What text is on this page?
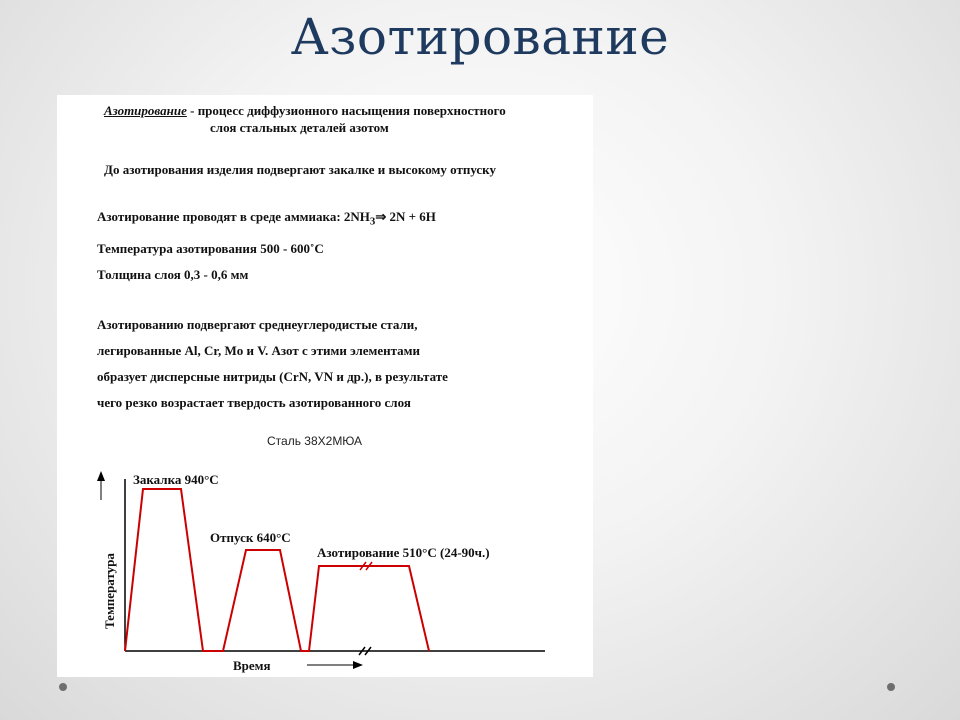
Азотирование
Азотирование - процесс диффузионного насыщения поверхностного
слоя стальных деталей азотом
До азотирования изделия подвергают закалке и высокому отпуску
Азотирование проводят в среде аммиака: $2NH_3\Rightarrow$ 2N + 6H
Температура азотирования 500 - 600˚С
Толщина слоя 0,3 - 0,6 мм
Азотированию подвергают среднеуглеродистые стали,
легированные Al, Cr, Mo и V. Азот с этими элементами
образует дисперсные нитриды (CrN, VN и др.), в результате
чего резко возрастает твердость азотированного слоя
Сталь 38Х2МЮА
Закалка 940°С
Отпуск 640°С
Азотирование 510°С (24-90ч.)
Время
Температура
